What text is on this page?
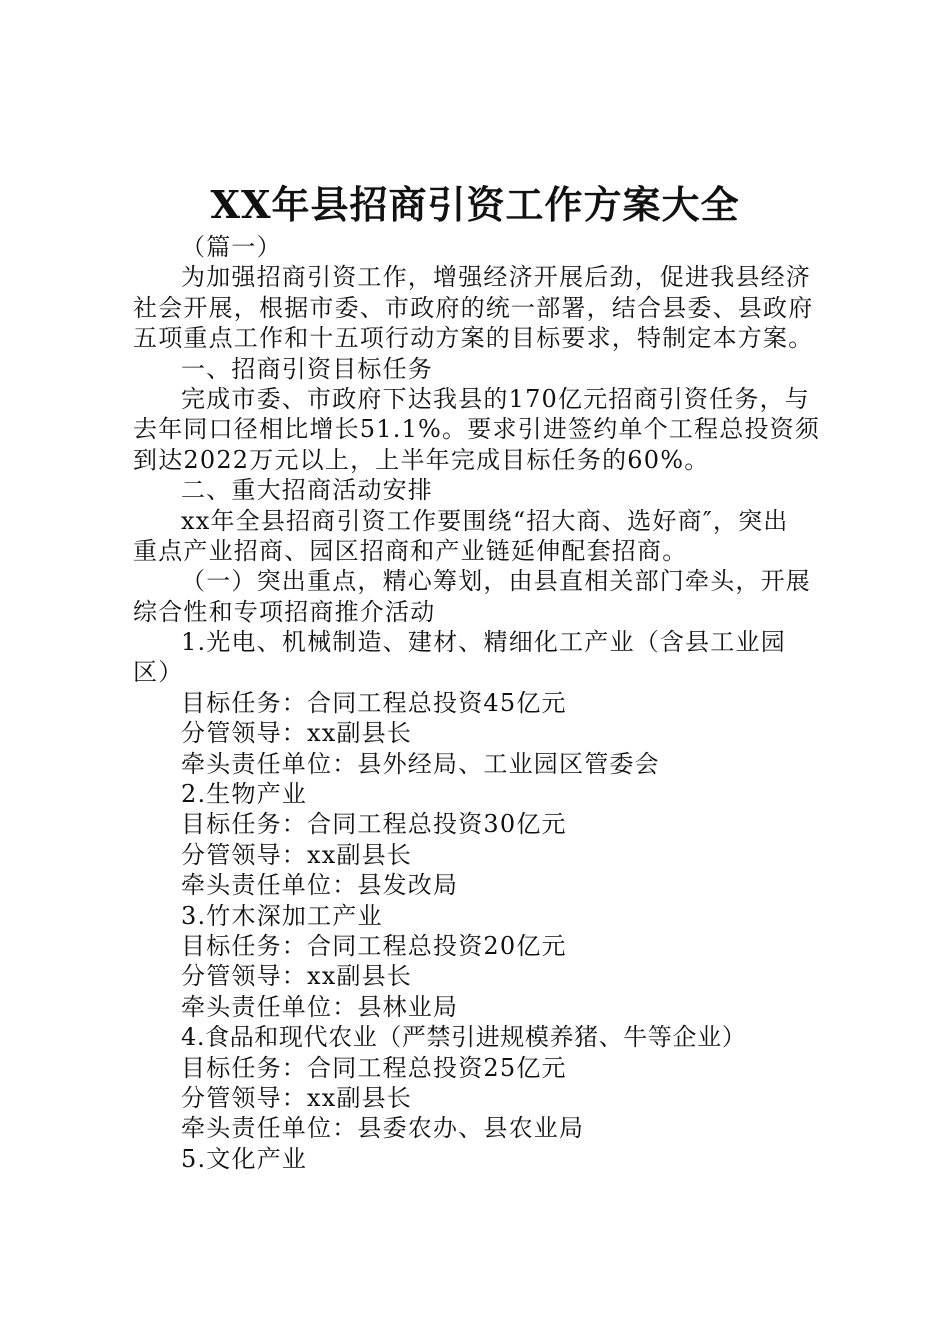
XX年县招商引资工作方案大全
（篇一）
为加强招商引资工作，增强经济开展后劲，促进我县经济
社会开展，根据市委、市政府的统一部署，结合县委、县政府
五项重点工作和十五项行动方案的目标要求，特制定本方案。
一、招商引资目标任务
完成市委、市政府下达我县的170亿元招商引资任务，与
去年同口径相比增长51.1%。要求引进签约单个工程总投资须
到达2022万元以上，上半年完成目标任务的60%。
二、重大招商活动安排
xx年全县招商引资工作要围绕“招大商、选好商″，突出
重点产业招商、园区招商和产业链延伸配套招商。
（一）突出重点，精心筹划，由县直相关部门牵头，开展
综合性和专项招商推介活动
1.光电、机械制造、建材、精细化工产业（含县工业园
区）
目标任务：合同工程总投资45亿元
分管领导：xx副县长
牵头责任单位：县外经局、工业园区管委会
2.生物产业
目标任务：合同工程总投资30亿元
分管领导：xx副县长
牵头责任单位：县发改局
3.竹木深加工产业
目标任务：合同工程总投资20亿元
分管领导：xx副县长
牵头责任单位：县林业局
4.食品和现代农业（严禁引进规模养猪、牛等企业）
目标任务：合同工程总投资25亿元
分管领导：xx副县长
牵头责任单位：县委农办、县农业局
5.文化产业
